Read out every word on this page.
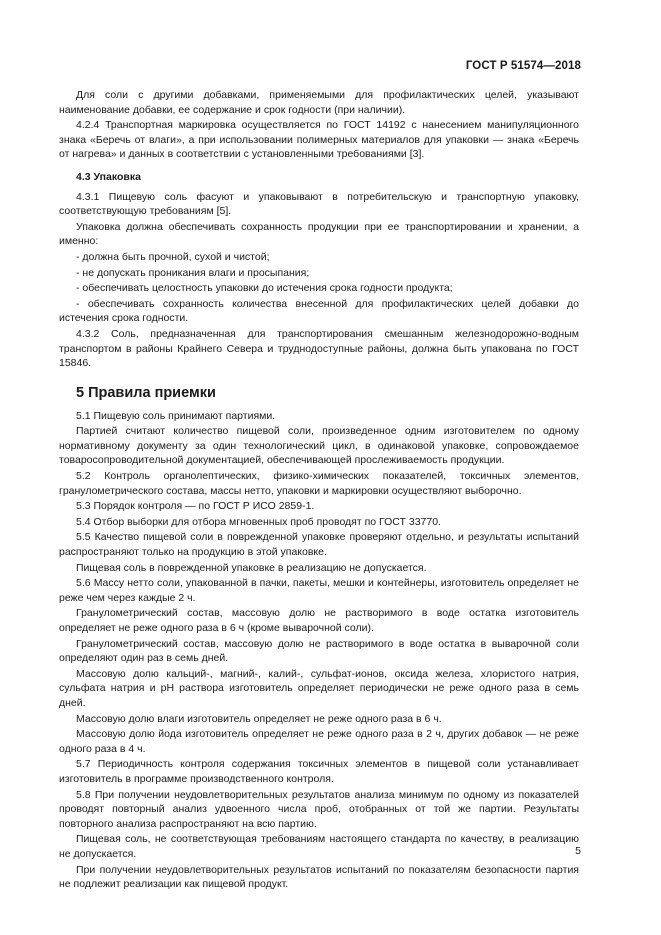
ГОСТ Р 51574—2018

Для соли с другими добавками, применяемыми для профилактических целей, указывают наименование добавки, ее содержание и срок годности (при наличии).

4.2.4 Транспортная маркировка осуществляется по ГОСТ 14192 с нанесением манипуляционного знака «Беречь от влаги», а при использовании полимерных материалов для упаковки — знака «Беречь от нагрева» и данных в соответствии с установленными требованиями [3].

4.3 Упаковка

4.3.1 Пищевую соль фасуют и упаковывают в потребительскую и транспортную упаковку, соответствующую требованиям [5].

Упаковка должна обеспечивать сохранность продукции при ее транспортировании и хранении, а именно:

- должна быть прочной, сухой и чистой;

- не допускать проникания влаги и просыпания;

- обеспечивать целостность упаковки до истечения срока годности продукта;

- обеспечивать сохранность количества внесенной для профилактических целей добавки до истечения срока годности.

4.3.2 Соль, предназначенная для транспортирования смешанным железнодорожно-водным транспортом в районы Крайнего Севера и труднодоступные районы, должна быть упакована по ГОСТ 15846.

5 Правила приемки

5.1 Пищевую соль принимают партиями.

Партией считают количество пищевой соли, произведенное одним изготовителем по одному нормативному документу за один технологический цикл, в одинаковой упаковке, сопровождаемое товаросопроводительной документацией, обеспечивающей прослеживаемость продукции.

5.2 Контроль органолептических, физико-химических показателей, токсичных элементов, гранулометрического состава, массы нетто, упаковки и маркировки осуществляют выборочно.

5.3 Порядок контроля — по ГОСТ Р ИСО 2859-1.

5.4 Отбор выборки для отбора мгновенных проб проводят по ГОСТ 33770.

5.5 Качество пищевой соли в поврежденной упаковке проверяют отдельно, и результаты испытаний распространяют только на продукцию в этой упаковке.

Пищевая соль в поврежденной упаковке в реализацию не допускается.

5.6 Массу нетто соли, упакованной в пачки, пакеты, мешки и контейнеры, изготовитель определяет не реже чем через каждые 2 ч.

Гранулометрический состав, массовую долю не растворимого в воде остатка изготовитель определяет не реже одного раза в 6 ч (кроме выварочной соли).

Гранулометрический состав, массовую долю не растворимого в воде остатка в выварочной соли определяют один раз в семь дней.

Массовую долю кальций-, магний-, калий-, сульфат-ионов, оксида железа, хлористого натрия, сульфата натрия и pH раствора изготовитель определяет периодически не реже одного раза в семь дней.

Массовую долю влаги изготовитель определяет не реже одного раза в 6 ч.

Массовую долю йода изготовитель определяет не реже одного раза в 2 ч, других добавок — не реже одного раза в 4 ч.

5.7 Периодичность контроля содержания токсичных элементов в пищевой соли устанавливает изготовитель в программе производственного контроля.

5.8 При получении неудовлетворительных результатов анализа минимум по одному из показателей проводят повторный анализ удвоенного числа проб, отобранных от той же партии. Результаты повторного анализа распространяют на всю партию.

Пищевая соль, не соответствующая требованиям настоящего стандарта по качеству, в реализацию не допускается.

При получении неудовлетворительных результатов испытаний по показателям безопасности партия не подлежит реализации как пищевой продукт.

5
